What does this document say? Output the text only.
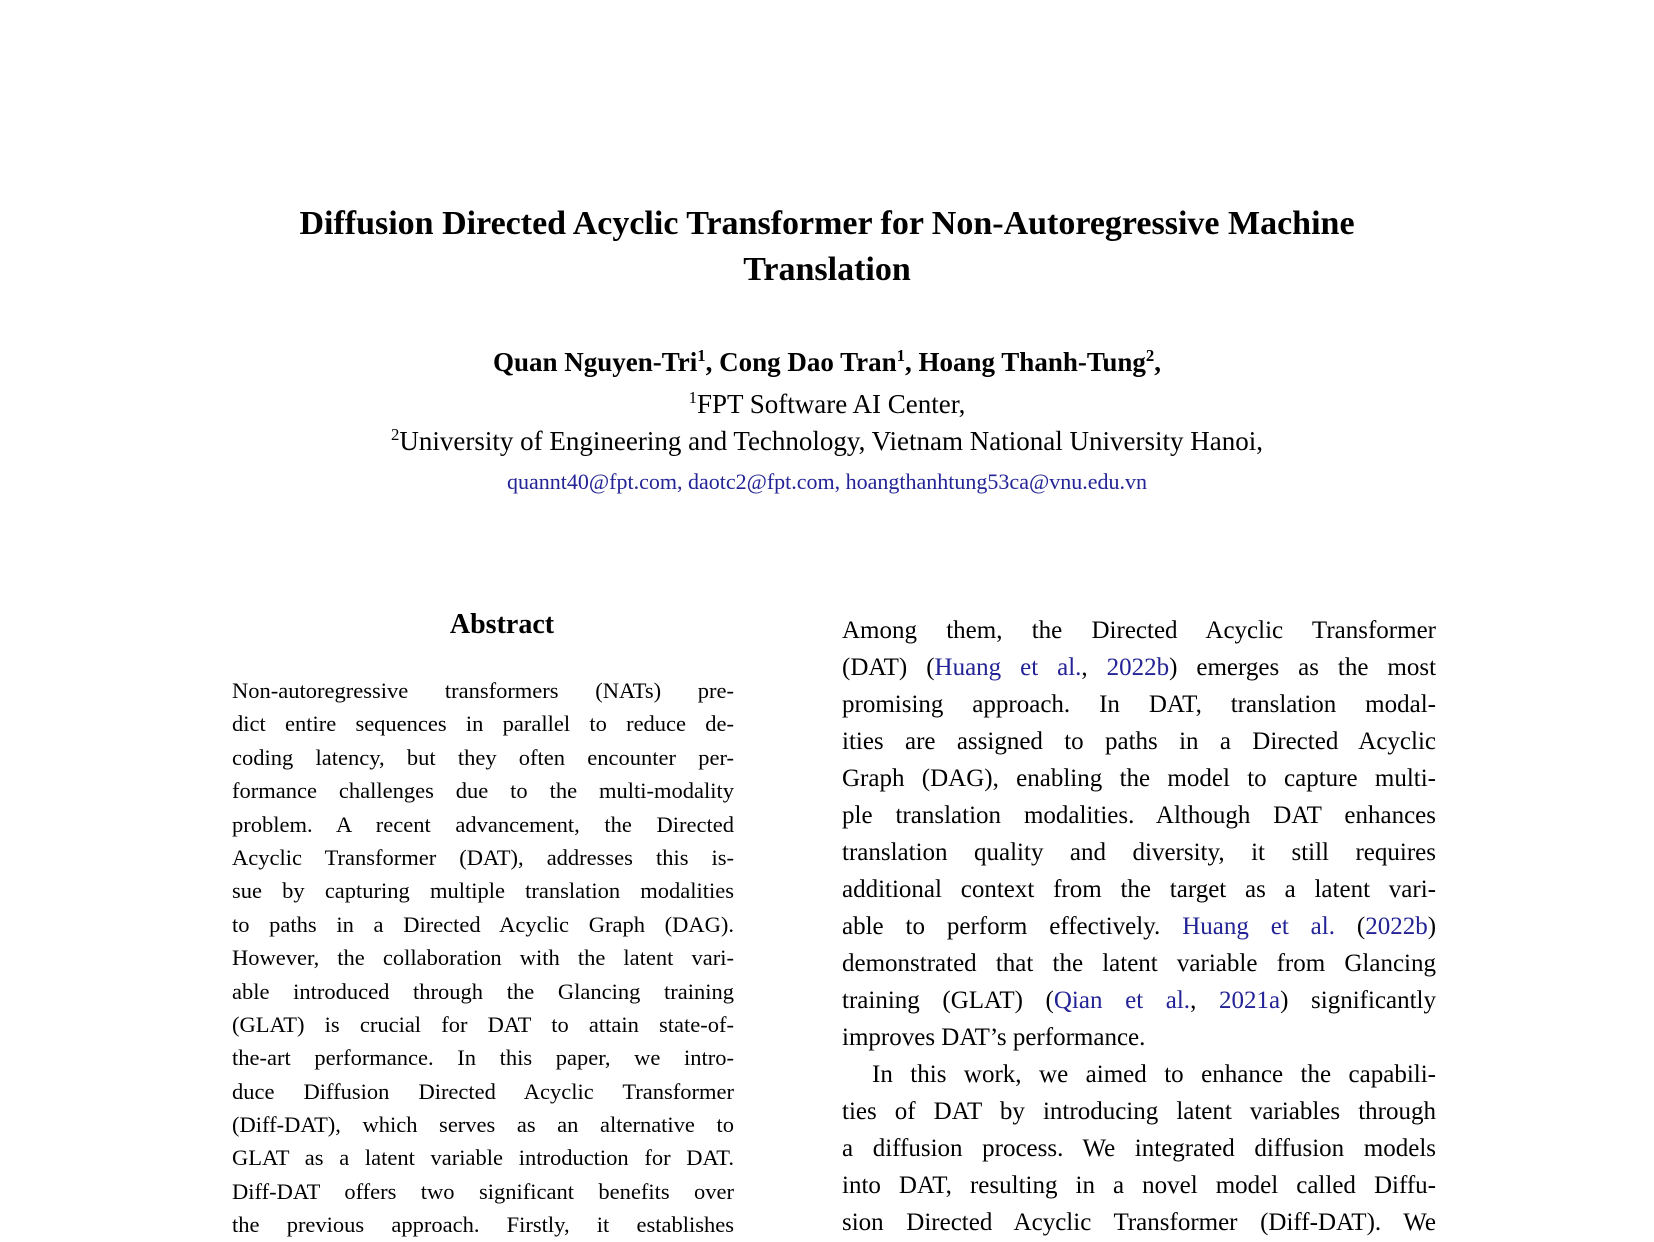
Diffusion Directed Acyclic Transformer for Non-Autoregressive Machine
Translation
Quan Nguyen-Tri$^1$, Cong Dao Tran$^1$, Hoang Thanh-Tung$^2$,
$^1$FPT Software AI Center,
$^2$University of Engineering and Technology, Vietnam National University Hanoi,
quannt40@fpt.com, daotc2@fpt.com, hoangthanhtung53ca@vnu.edu.vn
Abstract
Non-autoregressive transformers (NATs) pre-
dict entire sequences in parallel to reduce de-
coding latency, but they often encounter per-
formance challenges due to the multi-modality
problem. A recent advancement, the Directed
Acyclic Transformer (DAT), addresses this is-
sue by capturing multiple translation modalities
to paths in a Directed Acyclic Graph (DAG).
However, the collaboration with the latent vari-
able introduced through the Glancing training
(GLAT) is crucial for DAT to attain state-of-
the-art performance. In this paper, we intro-
duce Diffusion Directed Acyclic Transformer
(Diff-DAT), which serves as an alternative to
GLAT as a latent variable introduction for DAT.
Diff-DAT offers two significant benefits over
the previous approach. Firstly, it establishes
Among them, the Directed Acyclic Transformer
(DAT) (Huang et al., 2022b) emerges as the most
promising approach. In DAT, translation modal-
ities are assigned to paths in a Directed Acyclic
Graph (DAG), enabling the model to capture multi-
ple translation modalities. Although DAT enhances
translation quality and diversity, it still requires
additional context from the target as a latent vari-
able to perform effectively. Huang et al. (2022b)
demonstrated that the latent variable from Glancing
training (GLAT) (Qian et al., 2021a) significantly
improves DAT’s performance.
In this work, we aimed to enhance the capabili-
ties of DAT by introducing latent variables through
a diffusion process. We integrated diffusion models
into DAT, resulting in a novel model called Diffu-
sion Directed Acyclic Transformer (Diff-DAT). We
